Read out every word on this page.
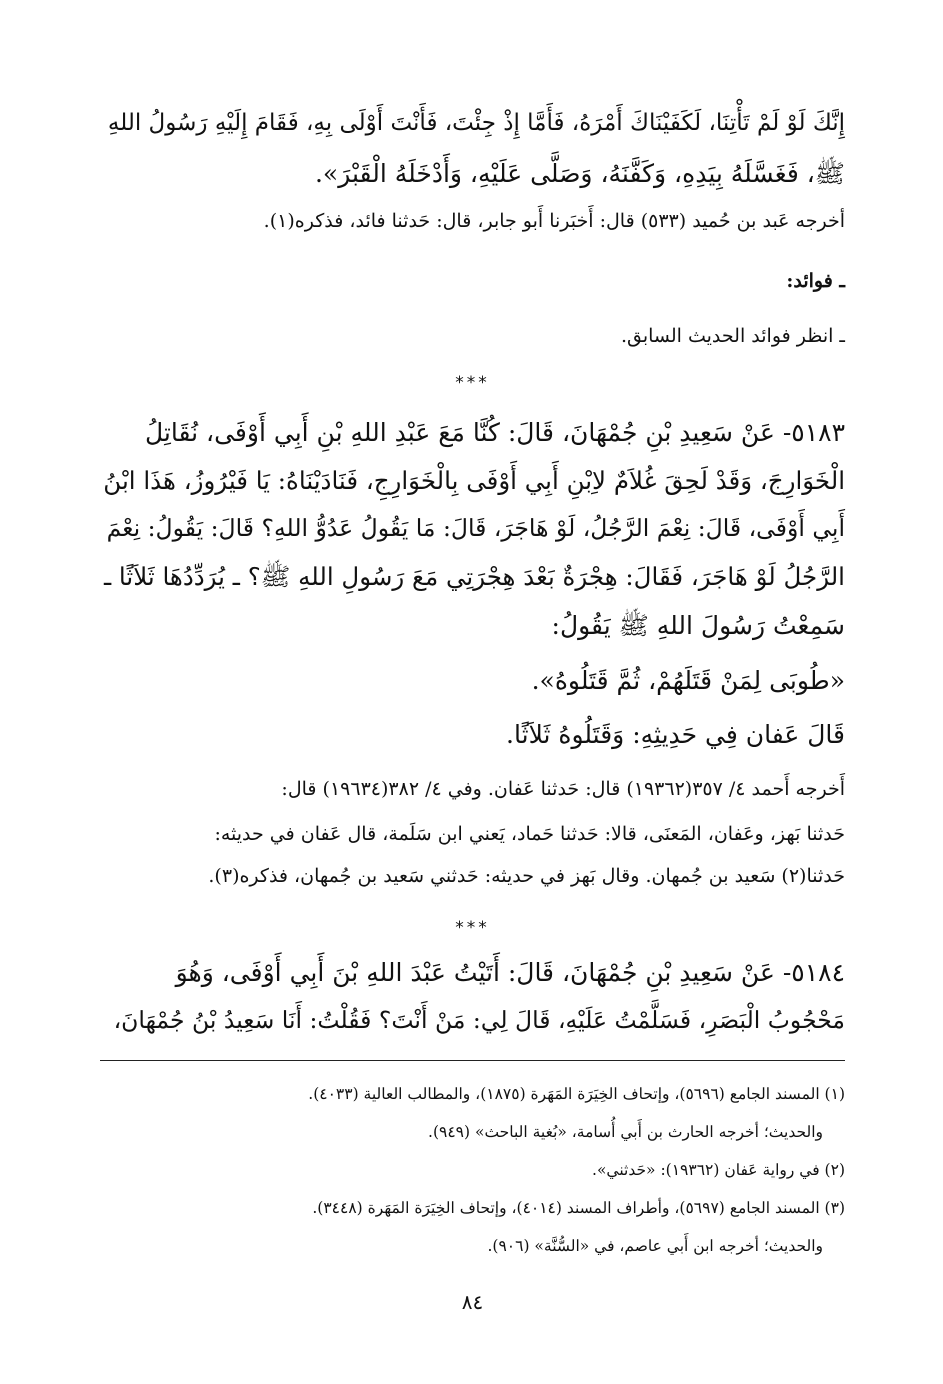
إِنَّكَ لَوْ لَمْ تَأْتِنَا، لَكَفَيْنَاكَ أَمْرَهُ، فَأَمَّا إِذْ جِئْتَ، فَأَنْتَ أَوْلَى بِهِ، فَقَامَ إِلَيْهِ رَسُولُ اللهِ
ﷺ، فَغَسَّلَهُ بِيَدِهِ، وَكَفَّنَهُ، وَصَلَّى عَلَيْهِ، وَأَدْخَلَهُ الْقَبْرَ».
أخرجه عَبد بن حُميد (٥٣٣) قال: أَخبَرنا أَبو جابر، قال: حَدثنا فائد، فذكره(١).
ـ فوائد:
ـ انظر فوائد الحديث السابق.
***
٥١٨٣- عَنْ سَعِيدِ بْنِ جُمْهَانَ، قَالَ: كُنَّا مَعَ عَبْدِ اللهِ بْنِ أَبِي أَوْفَى، نُقَاتِلُ
الْخَوَارِجَ، وَقَدْ لَحِقَ غُلاَمٌ لاِبْنِ أَبِي أَوْفَى بِالْخَوَارِجِ، فَنَادَيْنَاهُ: يَا فَيْرُوزُ، هَذَا ابْنُ
أَبِي أَوْفَى، قَالَ: نِعْمَ الرَّجُلُ، لَوْ هَاجَرَ، قَالَ: مَا يَقُولُ عَدُوُّ اللهِ؟ قَالَ: يَقُولُ: نِعْمَ
الرَّجُلُ لَوْ هَاجَرَ، فَقَالَ: هِجْرَةٌ بَعْدَ هِجْرَتِي مَعَ رَسُولِ اللهِ ﷺ؟ ـ يُرَدِّدُهَا ثَلاَثًا ـ
سَمِعْتُ رَسُولَ اللهِ ﷺ يَقُولُ:
«طُوبَى لِمَنْ قَتَلَهُمْ، ثُمَّ قَتَلُوهُ».
قَالَ عَفان فِي حَدِيثِهِ: وَقَتَلُوهُ ثَلاَثًا.
أَخرجه أَحمد ٤/ ٣٥٧(١٩٣٦٢) قال: حَدثنا عَفان. وفي ٤/ ٣٨٢(١٩٦٣٤) قال:
حَدثنا بَهز، وعَفان، المَعنَى، قالا: حَدثنا حَماد، يَعني ابن سَلَمة، قال عَفان في حديثه:
حَدثنا(٢) سَعيد بن جُمهان. وقال بَهز في حديثه: حَدثني سَعيد بن جُمهان، فذكره(٣).
***
٥١٨٤- عَنْ سَعِيدِ بْنِ جُمْهَانَ، قَالَ: أَتَيْتُ عَبْدَ اللهِ بْنَ أَبِي أَوْفَى، وَهُوَ
مَحْجُوبُ الْبَصَرِ، فَسَلَّمْتُ عَلَيْهِ، قَالَ لِي: مَنْ أَنْتَ؟ فَقُلْتُ: أَنَا سَعِيدُ بْنُ جُمْهَانَ،
(١) المسند الجامع (٥٦٩٦)، وإتحاف الخِيَرَة المَهَرة (١٨٧٥)، والمطالب العالية (٤٠٣٣).
والحديث؛ أخرجه الحارث بن أَبي أُسامة، «بُغية الباحث» (٩٤٩).
(٢) في رواية عَفان (١٩٣٦٢): «حَدثني».
(٣) المسند الجامع (٥٦٩٧)، وأطراف المسند (٤٠١٤)، وإتحاف الخِيَرَة المَهَرة (٣٤٤٨).
والحديث؛ أخرجه ابن أَبي عاصم، في «السُّنَّة» (٩٠٦).
٨٤
